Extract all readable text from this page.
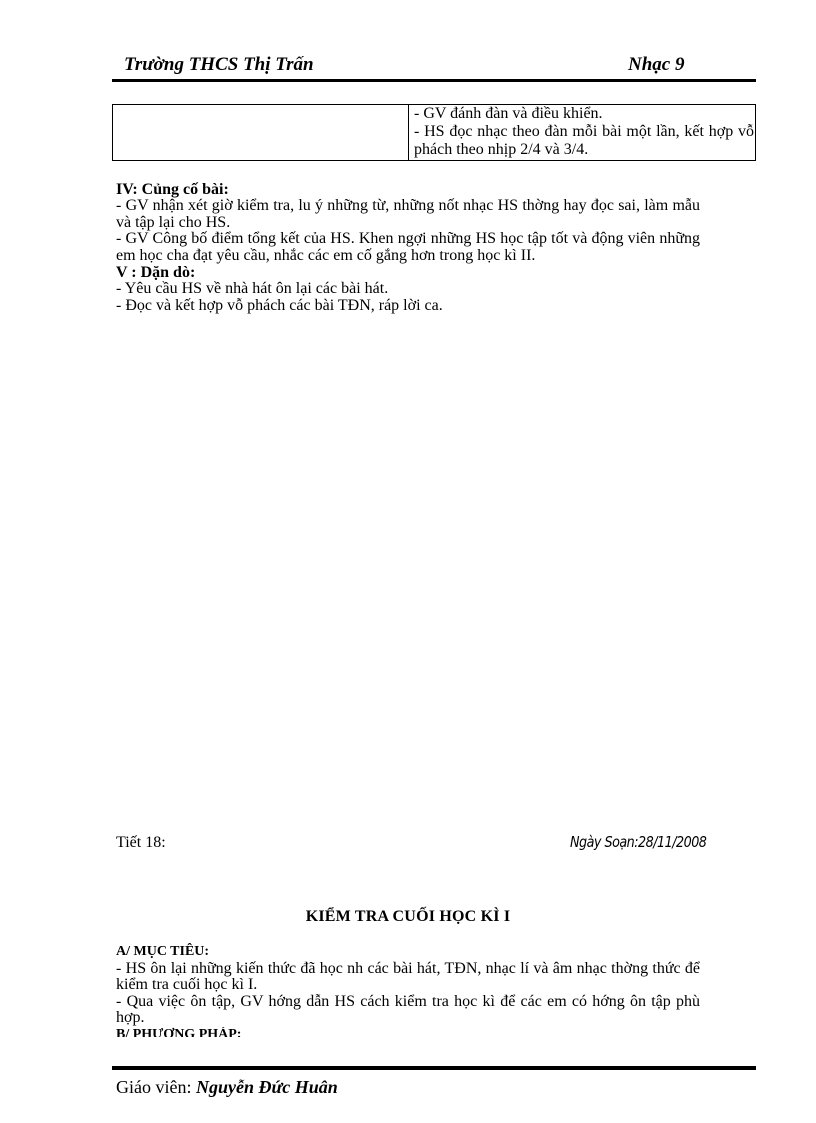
Trường THCS Thị Trấn	Nhạc 9
- GV đánh đàn và điều khiển.
- HS đọc nhạc theo đàn mỗi bài một lần, kết hợp vỗ phách theo nhịp 2/4 và 3/4.
IV: Củng cố bài:

- GV nhận xét giờ kiểm tra, lu ý những từ, những nốt nhạc HS thờng hay đọc sai, làm mẫu và tập lại cho HS.

- GV Công bố điểm tổng kết của HS. Khen ngợi những HS học tập tốt và động viên những em học cha đạt yêu cầu, nhắc các em cố gắng hơn trong học kì II.

V : Dặn dò:

- Yêu cầu HS về nhà hát ôn lại các bài hát.

- Đọc và kết hợp vỗ phách các bài TĐN, ráp lời ca.

Tiết 18:	Ngày Soạn:28/11/2008
KIỂM TRA CUỐI HỌC KÌ I
A/ MỤC TIÊU:

- HS ôn lại những kiến thức đã học nh các bài hát, TĐN, nhạc lí và âm nhạc thờng thức để kiểm tra cuối học kì I.

- Qua việc ôn tập, GV hớng dẫn HS cách kiểm tra học kì để các em có hớng ôn tập phù hợp.

B/ PHƯƠNG PHÁP:
Giáo viên: Nguyễn Đức Huân
